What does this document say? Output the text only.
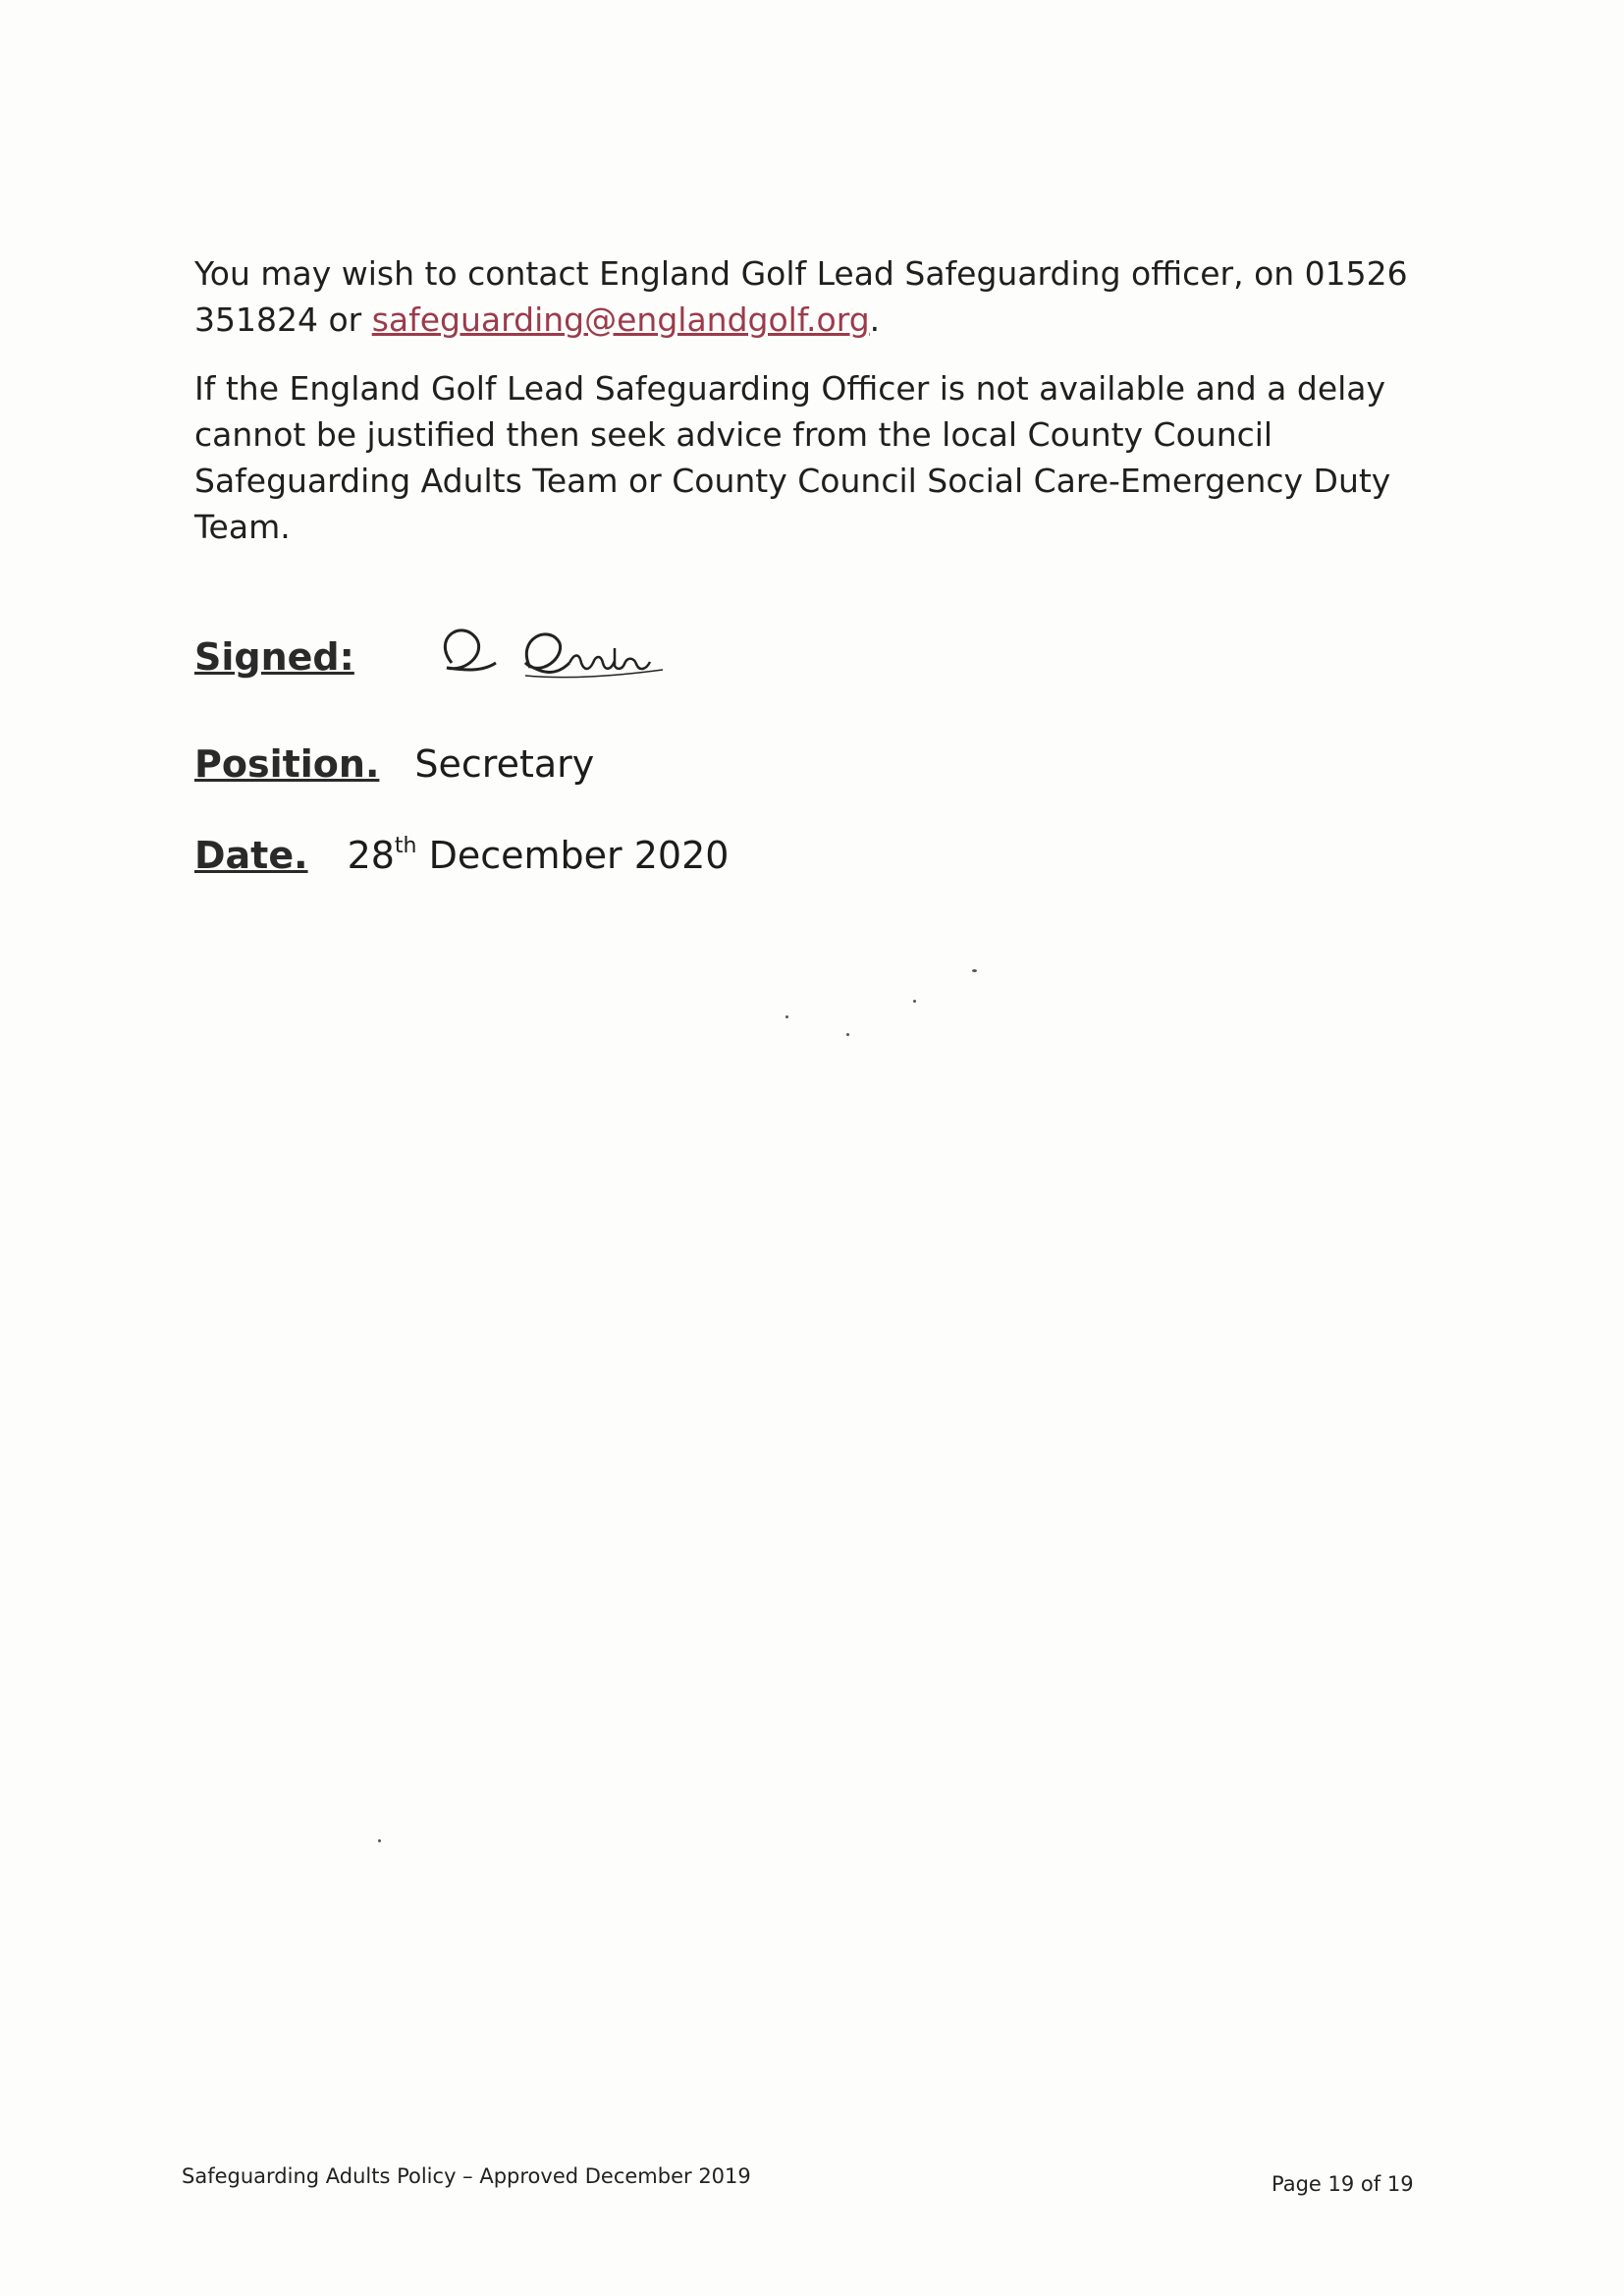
You may wish to contact England Golf Lead Safeguarding officer, on 01526 351824 or safeguarding@englandgolf.org.

If the England Golf Lead Safeguarding Officer is not available and a delay cannot be justified then seek advice from the local County Council Safeguarding Adults Team or County Council Social Care-Emergency Duty Team.

Signed:
Position. Secretary
Date. 28th December 2020
Safeguarding Adults Policy – Approved December 2019	Page 19 of 19
